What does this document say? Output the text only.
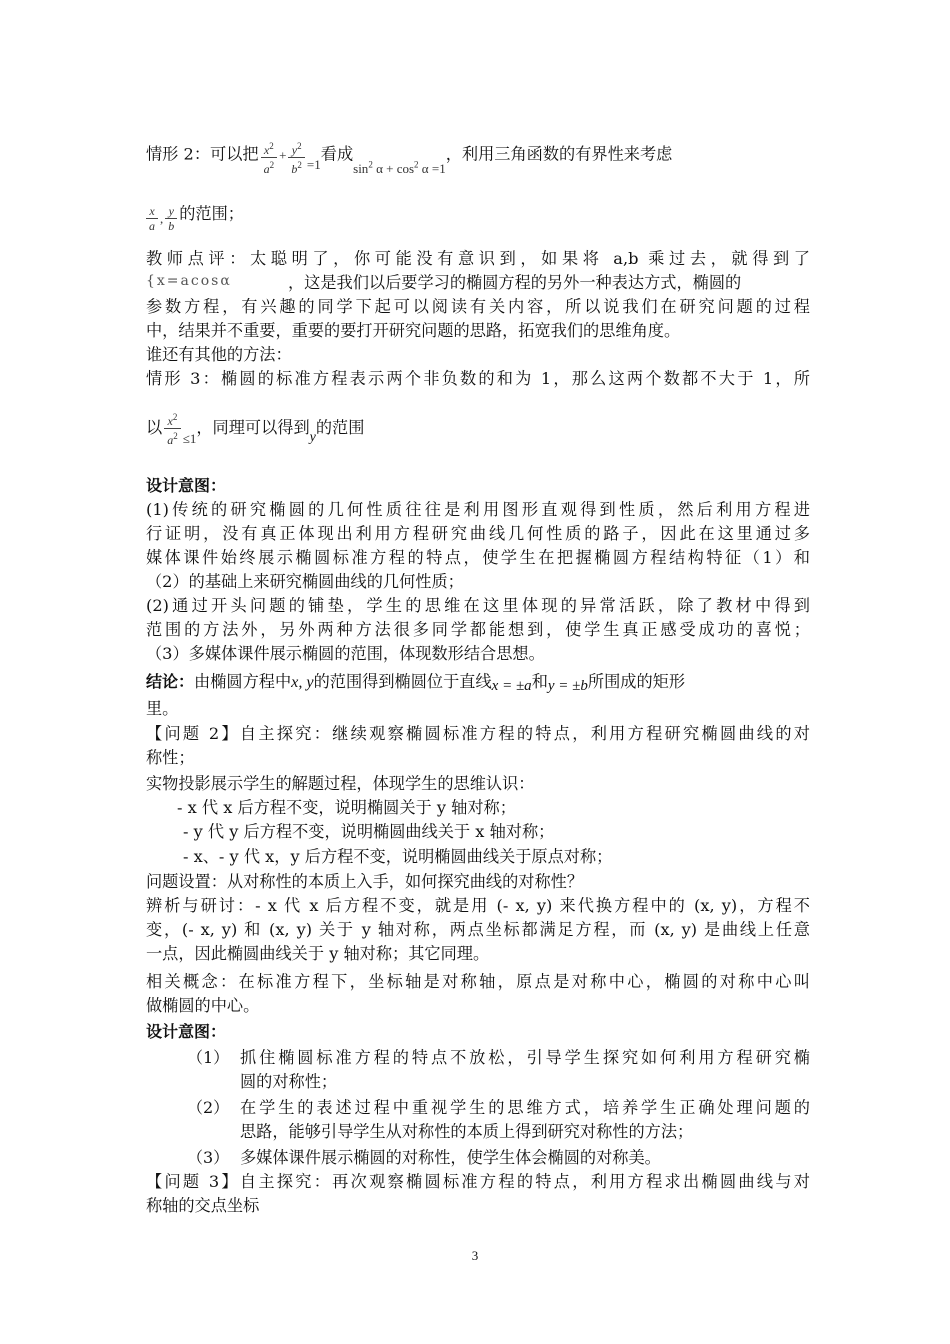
情形 2：可以把 $\frac{x^2}{a^2} + \frac{y^2}{b^2} _{=1}$看成$_{sin^2 \alpha + cos^2 \alpha =1}$，利用三角函数的有界性来考虑
$\frac{x}{a}$ , $\frac{y}{b}$ 的范围；
教师点评：太聪明了，你可能没有意识到，如果将 a,b 乘过去，就得到了
{x=acosα	，这是我们以后要学习的椭圆方程的另外一种表达方式，椭圆的
参数方程，有兴趣的同学下起可以阅读有关内容，所以说我们在研究问题的过程
中，结果并不重要，重要的要打开研究问题的思路，拓宽我们的思维角度。
谁还有其他的方法：
情形 3：椭圆的标准方程表示两个非负数的和为 1，那么这两个数都不大于 1，所
以 $\frac{x^2}{a^2} _{\le 1}$，同理可以得到y的范围
设计意图：
(1)传统的研究椭圆的几何性质往往是利用图形直观得到性质，然后利用方程进
行证明，没有真正体现出利用方程研究曲线几何性质的路子，因此在这里通过多
媒体课件始终展示椭圆标准方程的特点，使学生在把握椭圆方程结构特征（1）和
（2）的基础上来研究椭圆曲线的几何性质；
(2)通过开头问题的铺垫，学生的思维在这里体现的异常活跃，除了教材中得到
范围的方法外，另外两种方法很多同学都能想到，使学生真正感受成功的喜悦；
（3）多媒体课件展示椭圆的范围，体现数形结合思想。
结论：由椭圆方程中x, y的范围得到椭圆位于直线x = ±a和y = ±b所围成的矩形
里。
【问题 2】自主探究：继续观察椭圆标准方程的特点，利用方程研究椭圆曲线的对
称性；
实物投影展示学生的解题过程，体现学生的思维认识：
- x 代 x 后方程不变，说明椭圆关于 y 轴对称；
- y 代 y 后方程不变，说明椭圆曲线关于 x 轴对称；
- x、- y 代 x，y 后方程不变，说明椭圆曲线关于原点对称；
问题设置：从对称性的本质上入手，如何探究曲线的对称性？
辨析与研讨：- x 代 x 后方程不变，就是用 (- x, y) 来代换方程中的 (x, y)，方程不
变，(- x, y) 和 (x, y) 关于 y 轴对称，两点坐标都满足方程，而 (x, y) 是曲线上任意
一点，因此椭圆曲线关于 y 轴对称；其它同理。
相关概念：在标准方程下，坐标轴是对称轴，原点是对称中心，椭圆的对称中心叫
做椭圆的中心。
设计意图：
（1） 抓住椭圆标准方程的特点不放松，引导学生探究如何利用方程研究椭
圆的对称性；
（2） 在学生的表述过程中重视学生的思维方式，培养学生正确处理问题的
思路，能够引导学生从对称性的本质上得到研究对称性的方法；
（3） 多媒体课件展示椭圆的对称性，使学生体会椭圆的对称美。
【问题 3】自主探究：再次观察椭圆标准方程的特点，利用方程求出椭圆曲线与对
称轴的交点坐标
3
